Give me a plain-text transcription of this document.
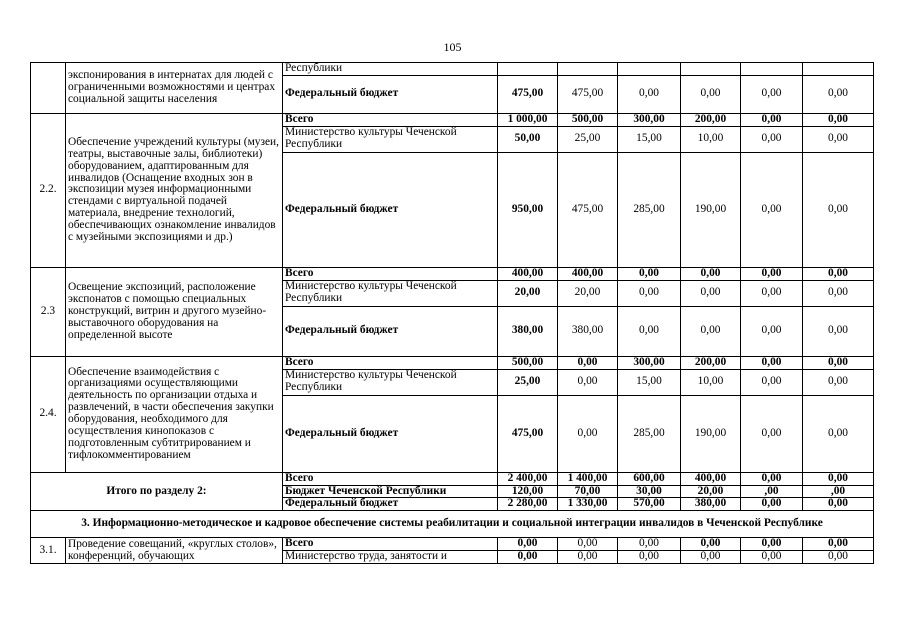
105
	экспонирования в интернатах для людей с ограниченными возможностями и центрах социальной защиты населения	Республики						
		Федеральный бюджет	475,00	475,00	0,00	0,00	0,00	0,00
2.2.	Обеспечение учреждений культуры (музеи, театры, выставочные залы, библиотеки) оборудованием, адаптированным для инвалидов (Оснащение входных зон в экспозиции музея информационными стендами с виртуальной подачей материала, внедрение технологий, обеспечивающих ознакомление инвалидов с музейными экспозициями и др.)	Всего	1 000,00	500,00	300,00	200,00	0,00	0,00
		Министерство культуры Чеченской Республики	50,00	25,00	15,00	10,00	0,00	0,00
		Федеральный бюджет	950,00	475,00	285,00	190,00	0,00	0,00
2.3	Освещение экспозиций, расположение экспонатов с помощью специальных конструкций, витрин и другого музейно-выставочного оборудования на определенной высоте	Всего	400,00	400,00	0,00	0,00	0,00	0,00
		Министерство культуры Чеченской Республики	20,00	20,00	0,00	0,00	0,00	0,00
		Федеральный бюджет	380,00	380,00	0,00	0,00	0,00	0,00
2.4.	Обеспечение взаимодействия с организациями осуществляющими деятельность по организации отдыха и развлечений, в части обеспечения закупки оборудования, необходимого для осуществления кинопоказов с подготовленным субтитрированием и тифлокомментированием	Всего	500,00	0,00	300,00	200,00	0,00	0,00
		Министерство культуры Чеченской Республики	25,00	0,00	15,00	10,00	0,00	0,00
		Федеральный бюджет	475,00	0,00	285,00	190,00	0,00	0,00
Итого по разделу 2:		Всего	2 400,00	1 400,00	600,00	400,00	0,00	0,00
		Бюджет Чеченской Республики	120,00	70,00	30,00	20,00	,00	,00
		Федеральный бюджет	2 280,00	1 330,00	570,00	380,00	0,00	0,00
3. Информационно-методическое и кадровое обеспечение системы реабилитации и социальной интеграции инвалидов в Чеченской Республике								
3.1.	Проведение совещаний, «круглых столов», конференций, обучающих	Всего	0,00	0,00	0,00	0,00	0,00	0,00
		Министерство труда, занятости и	0,00	0,00	0,00	0,00	0,00	0,00
